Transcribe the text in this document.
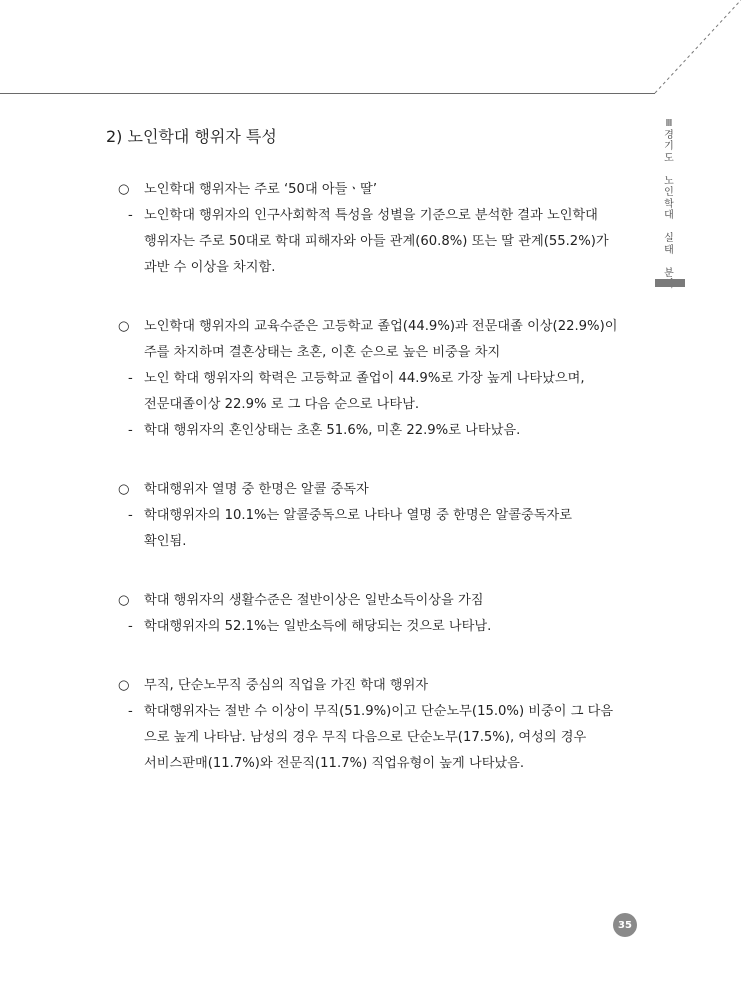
2) 노인학대 행위자 특성
○	노인학대 행위자는 주로 ‘50대 아들ㆍ딸’
- 노인학대 행위자의 인구사회학적 특성을 성별을 기준으로 분석한 결과 노인학대
행위자는 주로 50대로 학대 피해자와 아들 관계(60.8%) 또는 딸 관계(55.2%)가
과반 수 이상을 차지함.
○	노인학대 행위자의 교육수준은 고등학교 졸업(44.9%)과 전문대졸 이상(22.9%)이
주를 차지하며 결혼상태는 초혼, 이혼 순으로 높은 비중을 차지
- 노인 학대 행위자의 학력은 고등학교 졸업이 44.9%로 가장 높게 나타났으며,
전문대졸이상 22.9% 로 그 다음 순으로 나타남.
- 학대 행위자의 혼인상태는 초혼 51.6%, 미혼 22.9%로 나타났음.
○	학대행위자 열명 중 한명은 알콜 중독자
- 학대행위자의 10.1%는 알콜중독으로 나타나 열명 중 한명은 알콜중독자로
확인됨.
○	학대 행위자의 생활수준은 절반이상은 일반소득이상을 가짐
- 학대행위자의 52.1%는 일반소득에 해당되는 것으로 나타남.
○	무직, 단순노무직 중심의 직업을 가진 학대 행위자
- 학대행위자는 절반 수 이상이 무직(51.9%)이고 단순노무(15.0%) 비중이 그 다음
으로 높게 나타남. 남성의 경우 무직 다음으로 단순노무(17.5%), 여성의 경우
서비스판매(11.7%)와 전문직(11.7%) 직업유형이 높게 나타났음.
Ⅲ
경
기
도

노
인
학
대

실
태

분
35
